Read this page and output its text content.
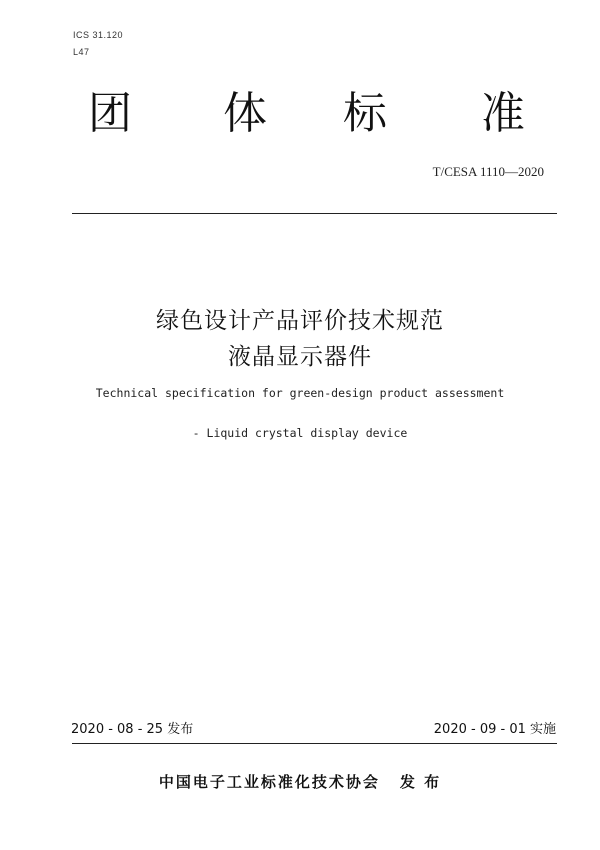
ICS 31.120
L47
团 体 标 准
T/CESA 1110—2020
绿色设计产品评价技术规范
液晶显示器件
Technical specification for green-design product assessment
- Liquid crystal display device
2020 - 08 - 25 发布	2020 - 09 - 01 实施
中国电子工业标准化技术协会 发 布
